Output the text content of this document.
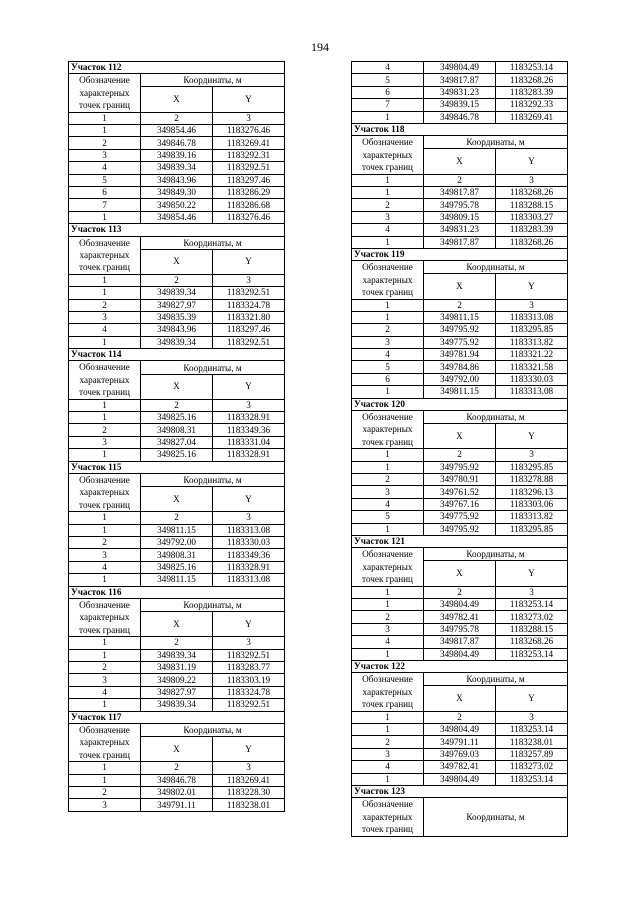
194
Участок 112		
Обозначение характерных точек границ	Координаты, м	
	X	Y
1	2	3
1	349854.46	1183276.46
2	349846.78	1183269.41
3	349839.16	1183292.31
4	349839.34	1183292.51
5	349843.96	1183297.46
6	349849.30	1183286.29
7	349850.22	1183286.68
1	349854.46	1183276.46
Участок 113		
Обозначение характерных точек границ	Координаты, м	
	X	Y
1	2	3
1	349839.34	1183292.51
2	349827.97	1183324.78
3	349835.39	1183321.80
4	349843.96	1183297.46
1	349839.34	1183292.51
Участок 114		
Обозначение характерных точек границ	Координаты, м	
	X	Y
1	2	3
1	349825.16	1183328.91
2	349808.31	1183349.36
3	349827.04	1183331.04
1	349825.16	1183328.91
Участок 115		
Обозначение характерных точек границ	Координаты, м	
	X	Y
1	2	3
1	349811.15	1183313.08
2	349792.00	1183330.03
3	349808.31	1183349.36
4	349825.16	1183328.91
1	349811.15	1183313.08
Участок 116		
Обозначение характерных точек границ	Координаты, м	
	X	Y
1	2	3
1	349839.34	1183292.51
2	349831.19	1183283.77
3	349809.22	1183303.19
4	349827.97	1183324.78
1	349839.34	1183292.51
Участок 117		
Обозначение характерных точек границ	Координаты, м	
	X	Y
1	2	3
1	349846.78	1183269.41
2	349802.01	1183228.30
3	349791.11	1183238.01
4	349804.49	1183253.14
5	349817.87	1183268.26
6	349831.23	1183283.39
7	349839.15	1183292.33
1	349846.78	1183269.41
Участок 118		
Обозначение характерных точек границ	Координаты, м	
	X	Y
1	2	3
1	349817.87	1183268.26
2	349795.78	1183288.15
3	349809.15	1183303.27
4	349831.23	1183283.39
1	349817.87	1183268.26
Участок 119		
Обозначение характерных точек границ	Координаты, м	
	X	Y
1	2	3
1	349811.15	1183313.08
2	349795.92	1183295.85
3	349775.92	1183313.82
4	349781.94	1183321.22
5	349784.86	1183321.58
6	349792.00	1183330.03
1	349811.15	1183313.08
Участок 120		
Обозначение характерных точек границ	Координаты, м	
	X	Y
1	2	3
1	349795.92	1183295.85
2	349780.91	1183278.88
3	349761.52	1183296.13
4	349767.16	1183303.06
5	349775.92	1183313.82
1	349795.92	1183295.85
Участок 121		
Обозначение характерных точек границ	Координаты, м	
	X	Y
1	2	3
1	349804.49	1183253.14
2	349782.41	1183273.02
3	349795.78	1183288.15
4	349817.87	1183268.26
1	349804.49	1183253.14
Участок 122		
Обозначение характерных точек границ	Координаты, м	
	X	Y
1	2	3
1	349804.49	1183253.14
2	349791.11	1183238.01
3	349769.03	1183257.89
4	349782.41	1183273.02
1	349804.49	1183253.14
Участок 123		
Обозначение характерных точек границ	Координаты, м	
